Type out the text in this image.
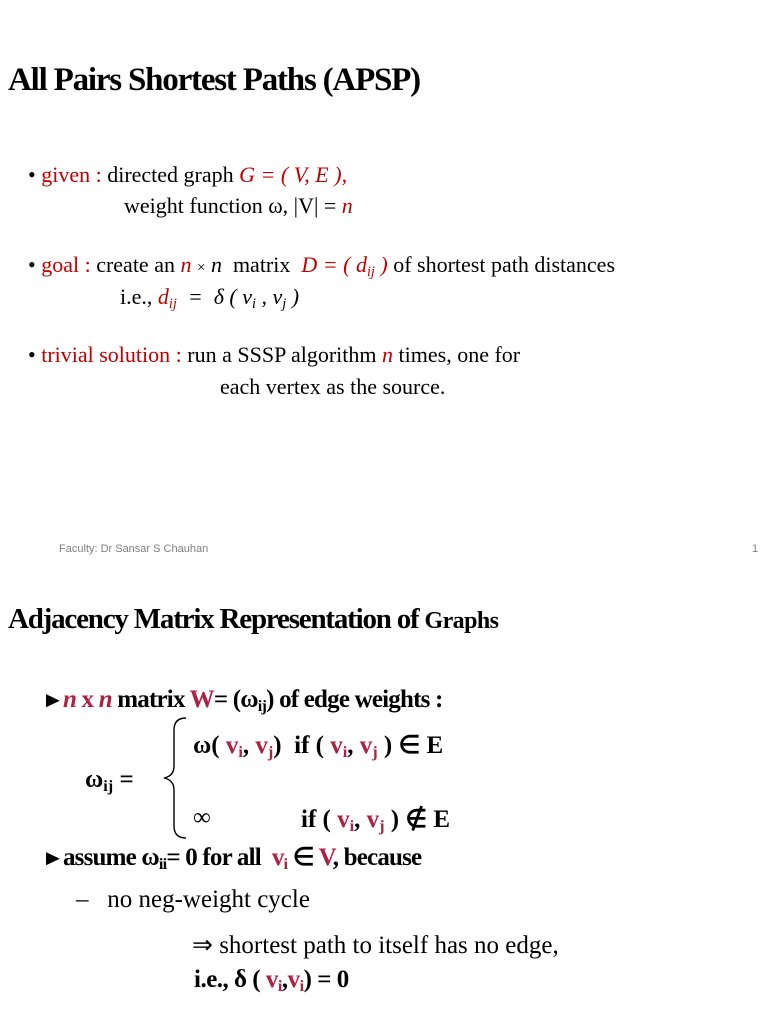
All Pairs Shortest Paths (APSP)
• given : directed graph G = ( V, E ),
weight function ω, |V| = n
• goal : create an n × n matrix D = ( $d_{ij}$ ) of shortest path distances
i.e., $d_{ij} = \delta$ ( $v_i$ , $v_j$ )
• trivial solution : run a SSSP algorithm n times, one for
each vertex as the source.
Faculty: Dr Sansar S Chauhan	1
Adjacency Matrix Representation of Graphs
►n x n matrix $W= (\omega_{ij})$ of edge weights :
ω( $v_i$, $v_j$) if ( $v_i$, $v_j$ ) ∈ E
$\omega_{ij}$ =
∞	if ( $v_i$, $v_j$ ) ∉ E
►assume $\omega_{ii}= 0$ for all $v_i$ ∈ V, because
– no neg-weight cycle
⇒ shortest path to itself has no edge,
i.e., δ ( $v_i,v_i) = 0$
